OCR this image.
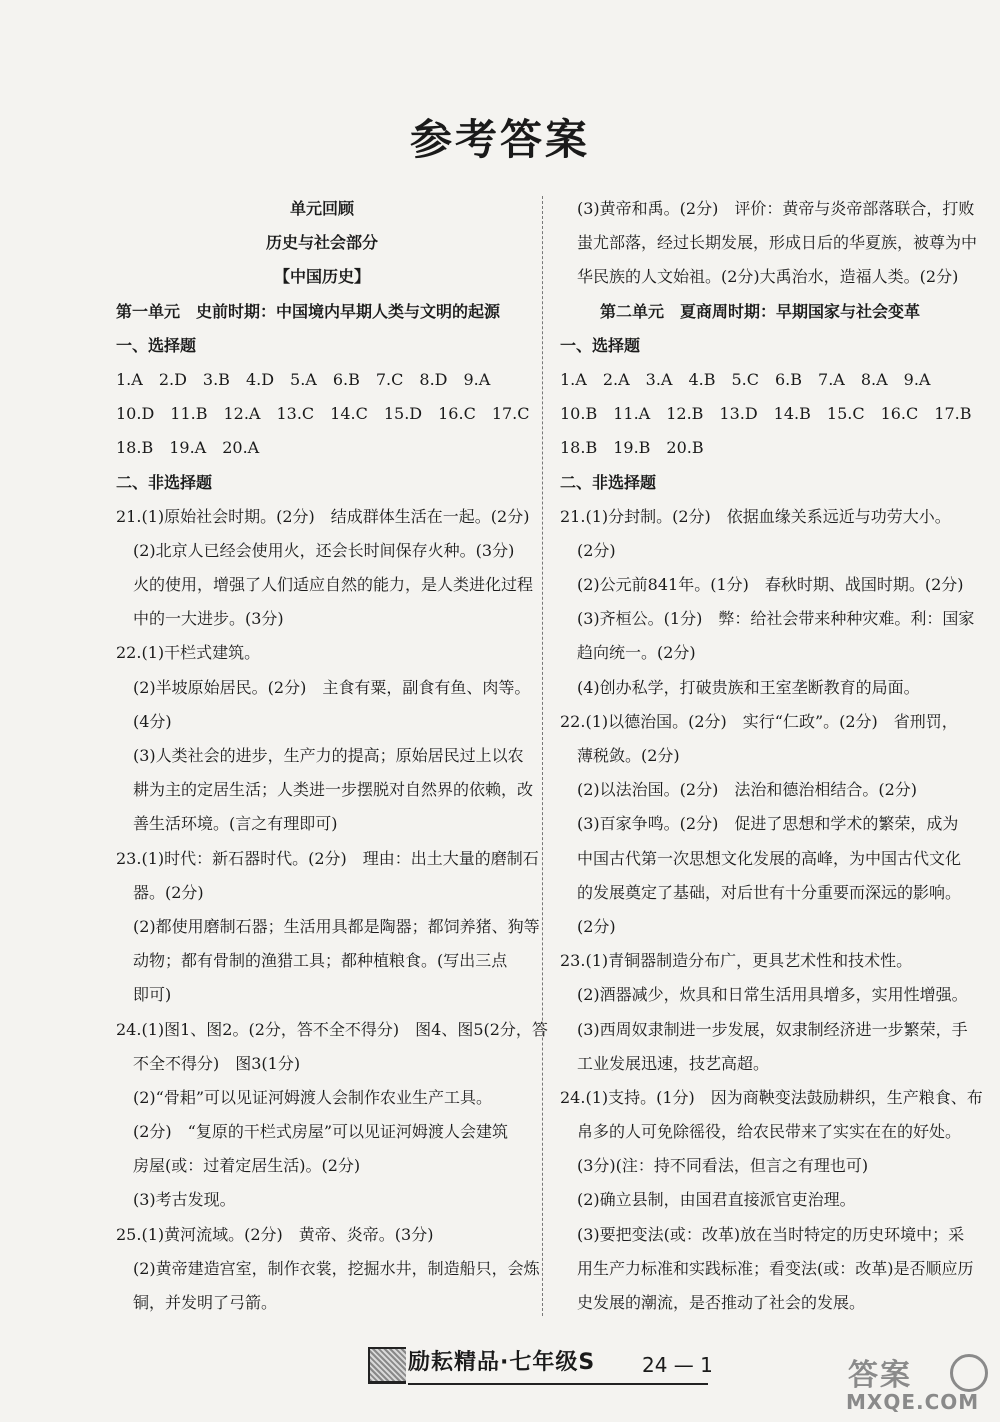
参考答案
单元回顾
历史与社会部分
【中国历史】
第一单元　史前时期：中国境内早期人类与文明的起源
一、选择题
1.A　2.D　3.B　4.D　5.A　6.B　7.C　8.D　9.A
10.D　11.B　12.A　13.C　14.C　15.D　16.C　17.C
18.B　19.A　20.A
二、非选择题
21.(1)原始社会时期。(2分)　结成群体生活在一起。(2分)
(2)北京人已经会使用火，还会长时间保存火种。(3分)
火的使用，增强了人们适应自然的能力，是人类进化过程
中的一大进步。(3分)
22.(1)干栏式建筑。
(2)半坡原始居民。(2分)　主食有粟，副食有鱼、肉等。
(4分)
(3)人类社会的进步，生产力的提高；原始居民过上以农
耕为主的定居生活；人类进一步摆脱对自然界的依赖，改
善生活环境。(言之有理即可)
23.(1)时代：新石器时代。(2分)　理由：出土大量的磨制石
器。(2分)
(2)都使用磨制石器；生活用具都是陶器；都饲养猪、狗等
动物；都有骨制的渔猎工具；都种植粮食。(写出三点
即可)
24.(1)图1、图2。(2分，答不全不得分)　图4、图5(2分，答
不全不得分)　图3(1分)
(2)“骨耜”可以见证河姆渡人会制作农业生产工具。
(2分)　“复原的干栏式房屋”可以见证河姆渡人会建筑
房屋(或：过着定居生活)。(2分)
(3)考古发现。
25.(1)黄河流域。(2分)　黄帝、炎帝。(3分)
(2)黄帝建造宫室，制作衣裳，挖掘水井，制造船只，会炼
铜，并发明了弓箭。
(3)黄帝和禹。(2分)　评价：黄帝与炎帝部落联合，打败
蚩尤部落，经过长期发展，形成日后的华夏族，被尊为中
华民族的人文始祖。(2分)大禹治水，造福人类。(2分)
第二单元　夏商周时期：早期国家与社会变革
一、选择题
1.A　2.A　3.A　4.B　5.C　6.B　7.A　8.A　9.A
10.B　11.A　12.B　13.D　14.B　15.C　16.C　17.B
18.B　19.B　20.B
二、非选择题
21.(1)分封制。(2分)　依据血缘关系远近与功劳大小。
(2分)
(2)公元前841年。(1分)　春秋时期、战国时期。(2分)
(3)齐桓公。(1分)　弊：给社会带来种种灾难。利：国家
趋向统一。(2分)
(4)创办私学，打破贵族和王室垄断教育的局面。
22.(1)以德治国。(2分)　实行“仁政”。(2分)　省刑罚，
薄税敛。(2分)
(2)以法治国。(2分)　法治和德治相结合。(2分)
(3)百家争鸣。(2分)　促进了思想和学术的繁荣，成为
中国古代第一次思想文化发展的高峰，为中国古代文化
的发展奠定了基础，对后世有十分重要而深远的影响。
(2分)
23.(1)青铜器制造分布广，更具艺术性和技术性。
(2)酒器减少，炊具和日常生活用具增多，实用性增强。
(3)西周奴隶制进一步发展，奴隶制经济进一步繁荣，手
工业发展迅速，技艺高超。
24.(1)支持。(1分)　因为商鞅变法鼓励耕织，生产粮食、布
帛多的人可免除徭役，给农民带来了实实在在的好处。
(3分)(注：持不同看法，但言之有理也可)
(2)确立县制，由国君直接派官吏治理。
(3)要把变法(或：改革)放在当时特定的历史环境中；采
用生产力标准和实践标准；看变法(或：改革)是否顺应历
史发展的潮流，是否推动了社会的发展。
励耘精品·七年级S 24 — 1	答案
MXQE.COM
